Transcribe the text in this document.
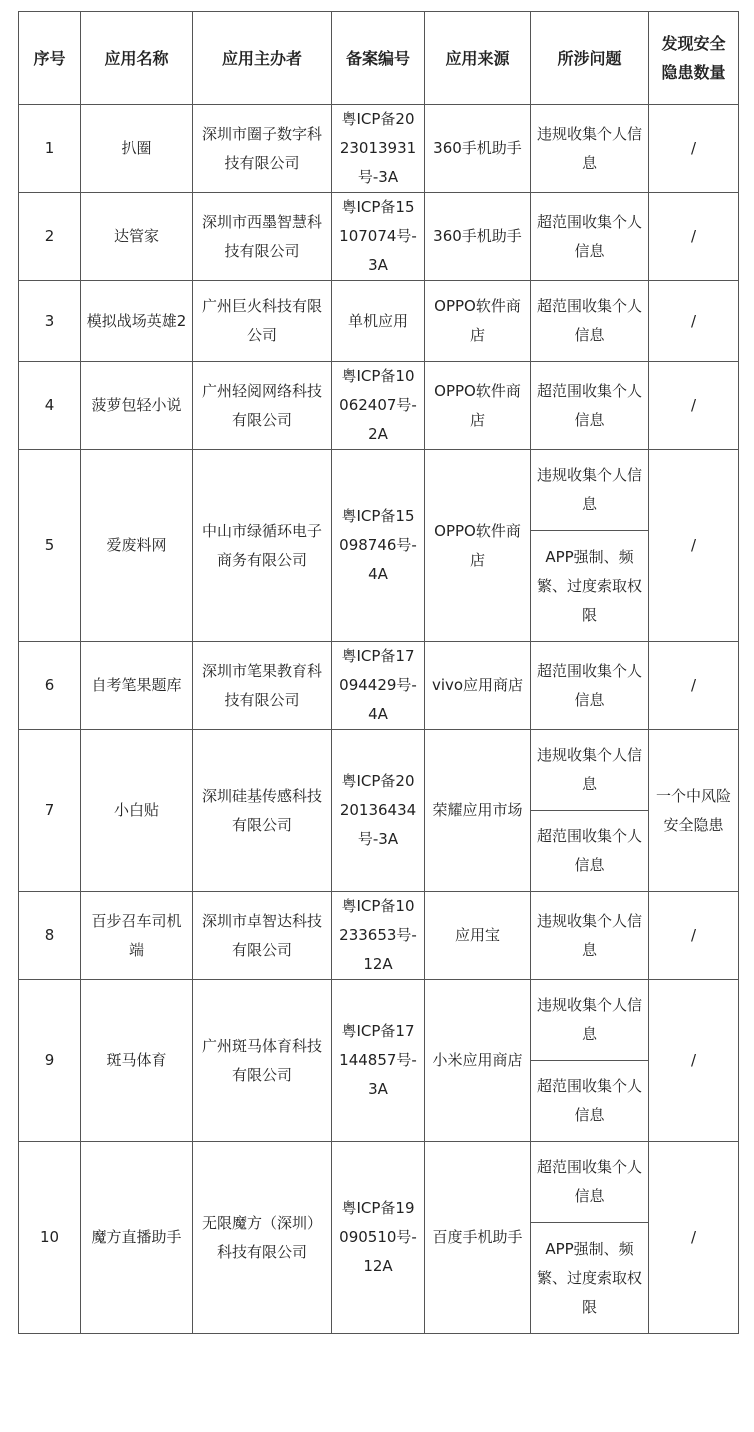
序号	应用名称	应用主办者	备案编号	应用来源	所涉问题	发现安全隐患数量
1	扒圈	深圳市圈子数字科技有限公司	粤ICP备2023013931号-3A	360手机助手	违规收集个人信息	/
2	达管家	深圳市西墨智慧科技有限公司	粤ICP备15107074号-3A	360手机助手	超范围收集个人信息	/
3	模拟战场英雄2	广州巨火科技有限公司	单机应用	OPPO软件商店	超范围收集个人信息	/
4	菠萝包轻小说	广州轻阅网络科技有限公司	粤ICP备10062407号-2A	OPPO软件商店	超范围收集个人信息	/
5	爱废料网	中山市绿循环电子商务有限公司	粤ICP备15098746号-4A	OPPO软件商店	违规收集个人信息	/
					APP强制、频繁、过度索取权限	
6	自考笔果题库	深圳市笔果教育科技有限公司	粤ICP备17094429号-4A	vivo应用商店	超范围收集个人信息	/
7	小白贴	深圳硅基传感科技有限公司	粤ICP备2020136434号-3A	荣耀应用市场	违规收集个人信息	一个中风险安全隐患
					超范围收集个人信息	
8	百步召车司机端	深圳市卓智达科技有限公司	粤ICP备10233653号-12A	应用宝	违规收集个人信息	/
9	斑马体育	广州斑马体育科技有限公司	粤ICP备17144857号-3A	小米应用商店	违规收集个人信息	/
					超范围收集个人信息	
10	魔方直播助手	无限魔方（深圳）科技有限公司	粤ICP备19090510号-12A	百度手机助手	超范围收集个人信息	/
					APP强制、频繁、过度索取权限	
